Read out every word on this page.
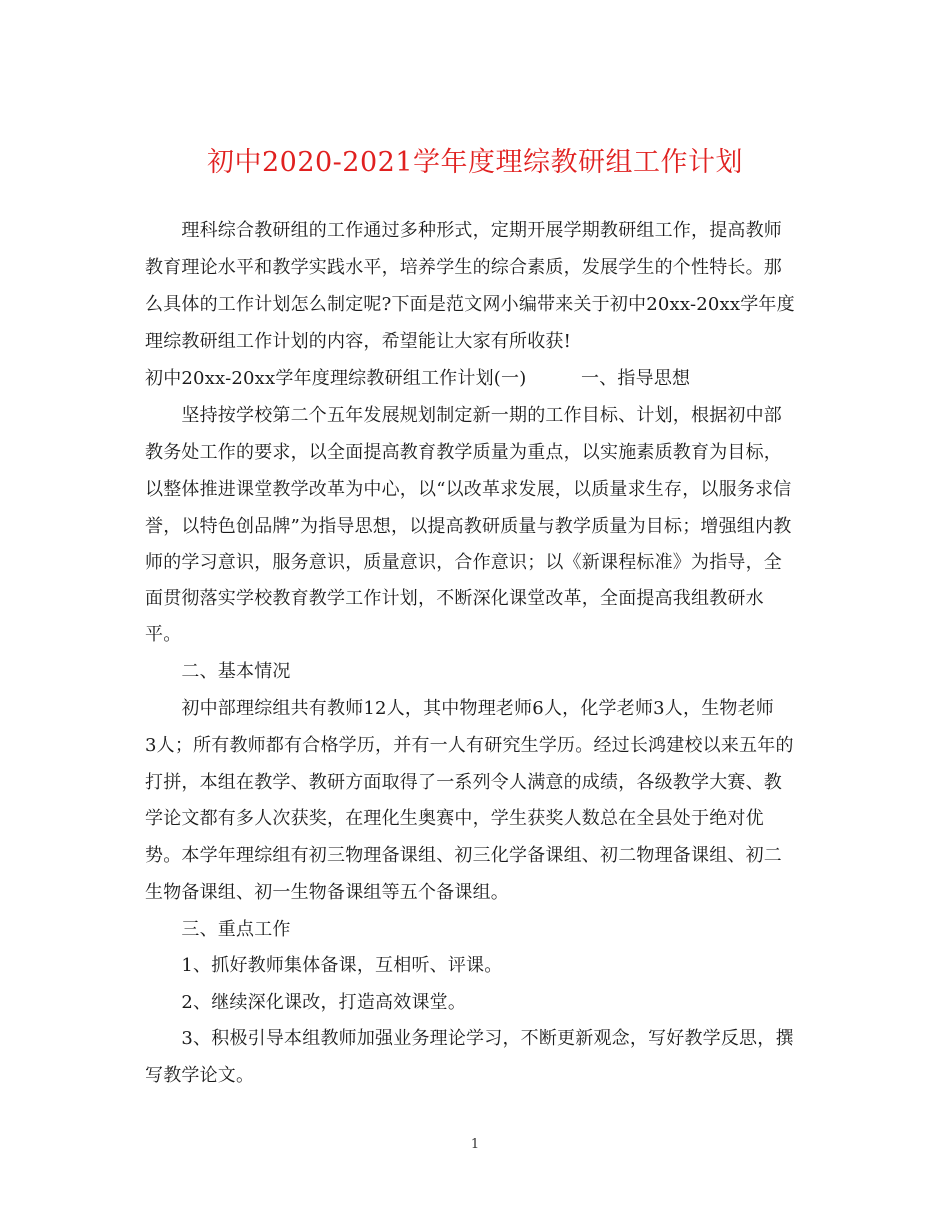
初中2020-2021学年度理综教研组工作计划
　　理科综合教研组的工作通过多种形式，定期开展学期教研组工作，提高教师
教育理论水平和教学实践水平，培养学生的综合素质，发展学生的个性特长。那
么具体的工作计划怎么制定呢?下面是范文网小编带来关于初中20xx-20xx学年度
理综教研组工作计划的内容，希望能让大家有所收获!
初中20xx-20xx学年度理综教研组工作计划(一)　　　一、指导思想
　　坚持按学校第二个五年发展规划制定新一期的工作目标、计划，根据初中部
教务处工作的要求，以全面提高教育教学质量为重点，以实施素质教育为目标，
以整体推进课堂教学改革为中心，以“以改革求发展，以质量求生存，以服务求信
誉，以特色创品牌”为指导思想，以提高教研质量与教学质量为目标；增强组内教
师的学习意识，服务意识，质量意识，合作意识；以《新课程标准》为指导，全
面贯彻落实学校教育教学工作计划，不断深化课堂改革，全面提高我组教研水
平。
　　二、基本情况
　　初中部理综组共有教师12人，其中物理老师6人，化学老师3人，生物老师
3人；所有教师都有合格学历，并有一人有研究生学历。经过长鸿建校以来五年的
打拼，本组在教学、教研方面取得了一系列令人满意的成绩，各级教学大赛、教
学论文都有多人次获奖，在理化生奥赛中，学生获奖人数总在全县处于绝对优
势。本学年理综组有初三物理备课组、初三化学备课组、初二物理备课组、初二
生物备课组、初一生物备课组等五个备课组。
　　三、重点工作
　　1、抓好教师集体备课，互相听、评课。
　　2、继续深化课改，打造高效课堂。
　　3、积极引导本组教师加强业务理论学习，不断更新观念，写好教学反思，撰
写教学论文。
1
